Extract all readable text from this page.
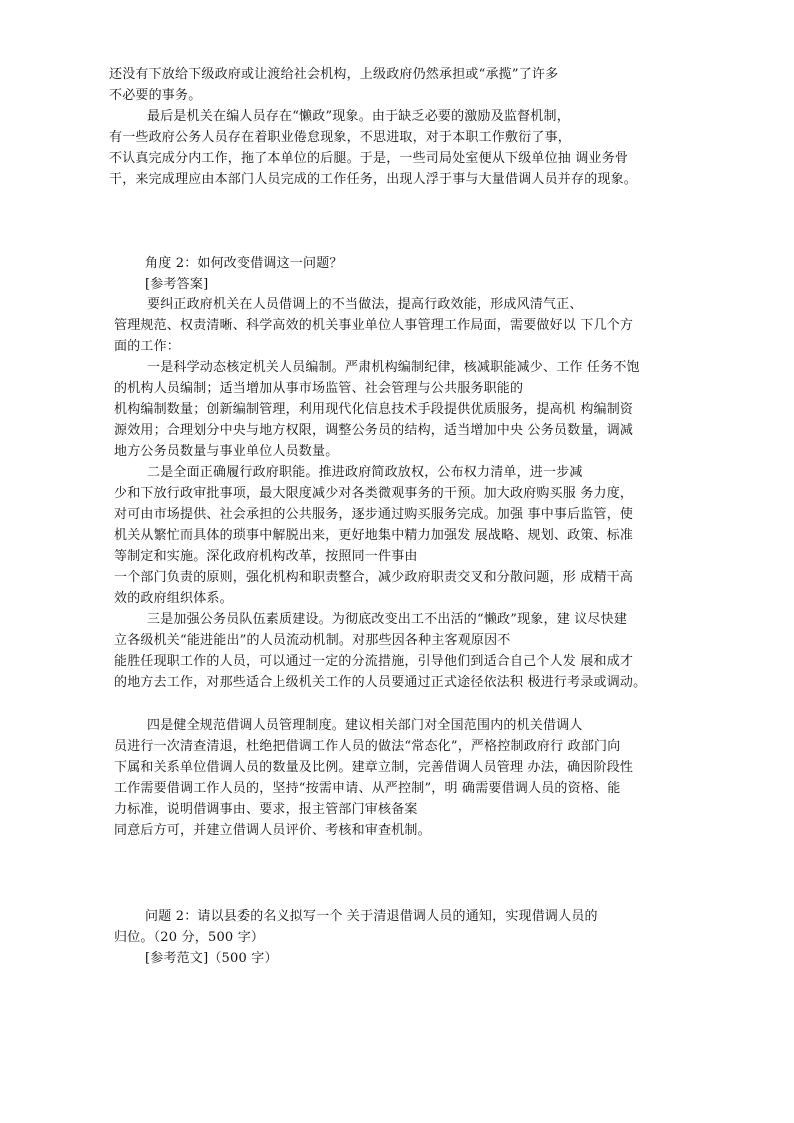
还没有下放给下级政府或让渡给社会机构，上级政府仍然承担或“承揽”了许多
不必要的事务。
最后是机关在编人员存在“懒政”现象。由于缺乏必要的激励及监督机制，
有一些政府公务人员存在着职业倦怠现象，不思进取，对于本职工作敷衍了事，
不认真完成分内工作，拖了本单位的后腿。于是，一些司局处室便从下级单位抽 调业务骨
干，来完成理应由本部门人员完成的工作任务，出现人浮于事与大量借调人员并存的现象。
角度 2：如何改变借调这一问题？
[参考答案]
要纠正政府机关在人员借调上的不当做法，提高行政效能，形成风清气正、
管理规范、权责清晰、科学高效的机关事业单位人事管理工作局面，需要做好以 下几个方
面的工作：
一是科学动态核定机关人员编制。严肃机构编制纪律，核减职能减少、工作 任务不饱
的机构人员编制；适当增加从事市场监管、社会管理与公共服务职能的
机构编制数量；创新编制管理，利用现代化信息技术手段提供优质服务，提高机 构编制资
源效用；合理划分中央与地方权限，调整公务员的结构，适当增加中央 公务员数量，调减
地方公务员数量与事业单位人员数量。
二是全面正确履行政府职能。推进政府简政放权，公布权力清单，进一步减
少和下放行政审批事项，最大限度减少对各类微观事务的干预。加大政府购买服 务力度，
对可由市场提供、社会承担的公共服务，逐步通过购买服务完成。加强 事中事后监管，使
机关从繁忙而具体的琐事中解脱出来，更好地集中精力加强发 展战略、规划、政策、标准
等制定和实施。深化政府机构改革，按照同一件事由
一个部门负责的原则，强化机构和职责整合，减少政府职责交叉和分散问题，形 成精干高
效的政府组织体系。
三是加强公务员队伍素质建设。为彻底改变出工不出活的“懒政”现象，建 议尽快建
立各级机关“能进能出”的人员流动机制。对那些因各种主客观原因不
能胜任现职工作的人员，可以通过一定的分流措施，引导他们到适合自己个人发 展和成才
的地方去工作，对那些适合上级机关工作的人员要通过正式途径依法积 极进行考录或调动。
四是健全规范借调人员管理制度。建议相关部门对全国范围内的机关借调人
员进行一次清查清退，杜绝把借调工作人员的做法“常态化”，严格控制政府行 政部门向
下属和关系单位借调人员的数量及比例。建章立制，完善借调人员管理 办法，确因阶段性
工作需要借调工作人员的，坚持“按需申请、从严控制”，明 确需要借调人员的资格、能
力标准，说明借调事由、要求，报主管部门审核备案
同意后方可，并建立借调人员评价、考核和审查机制。
问题 2：请以县委的名义拟写一个 关于清退借调人员的通知，实现借调人员的
归位。（20 分，500 字）
[参考范文]（500 字）
